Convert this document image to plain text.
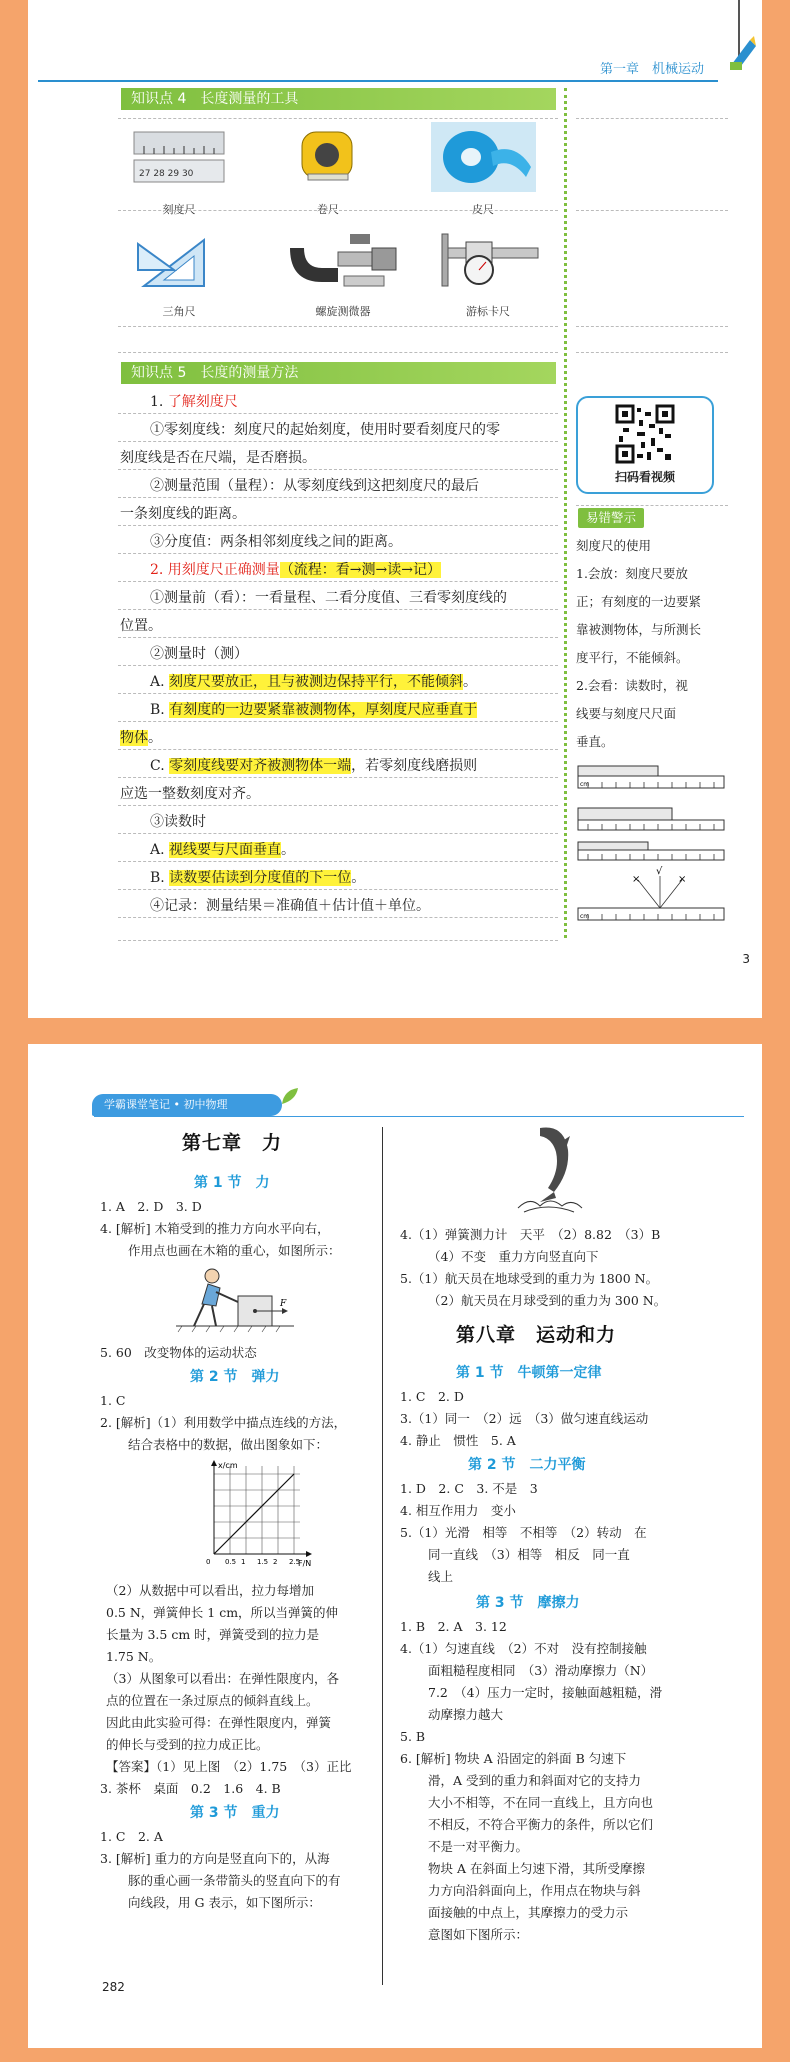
第一章　机械运动
知识点 4　长度测量的工具
27 28 29 30
刻度尺	卷尺	皮尺
三角尺	螺旋测微器	游标卡尺
知识点 5　长度的测量方法
1. 了解刻度尺
①零刻度线：刻度尺的起始刻度，使用时要看刻度尺的零
刻度线是否在尺端，是否磨损。
②测量范围（量程）：从零刻度线到这把刻度尺的最后
一条刻度线的距离。
③分度值：两条相邻刻度线之间的距离。
2. 用刻度尺正确测量（流程：看→测→读→记）
①测量前（看）：一看量程、二看分度值、三看零刻度线的
位置。
②测量时（测）
A. 刻度尺要放正，且与被测边保持平行，不能倾斜。
B. 有刻度的一边要紧靠被测物体，厚刻度尺应垂直于
物体。
C. 零刻度线要对齐被测物体一端，若零刻度线磨损则
应选一整数刻度对齐。
③读数时
A. 视线要与尺面垂直。
B. 读数要估读到分度值的下一位。
④记录：测量结果＝准确值＋估计值＋单位。
扫码看视频
易错警示
刻度尺的使用
1.会放：刻度尺要放
正；有刻度的一边要紧
靠被测物体，与所测长
度平行，不能倾斜。
2.会看：读数时，视
线要与刻度尺尺面
垂直。
cm
cm
×
√
×
3
学霸课堂笔记 • 初中物理
第七章　力
第 1 节　力
1. A　2. D　3. D
4. [解析] 木箱受到的推力方向水平向右，
作用点也画在木箱的重心，如图所示：
F
5. 60　改变物体的运动状态
第 2 节　弹力
1. C
2. [解析]（1）利用数学中描点连线的方法，
结合表格中的数据，做出图象如下：
x/cm
F/N
0 0.5 1 1.5 2 2.5
（2）从数据中可以看出，拉力每增加
0.5 N，弹簧伸长 1 cm，所以当弹簧的伸
长量为 3.5 cm 时，弹簧受到的拉力是
1.75 N。
（3）从图象可以看出：在弹性限度内，各
点的位置在一条过原点的倾斜直线上。
因此由此实验可得：在弹性限度内，弹簧
的伸长与受到的拉力成正比。
【答案】（1）见上图　（2）1.75　（3）正比
3. 茶杯　桌面　0.2　1.6　4. B
第 3 节　重力
1. C　2. A
3. [解析] 重力的方向是竖直向下的，从海
豚的重心画一条带箭头的竖直向下的有
向线段，用 G 表示，如下图所示：
4.（1）弹簧测力计　天平　（2）8.82　（3）B
（4）不变　重力方向竖直向下
5.（1）航天员在地球受到的重力为 1800 N。
（2）航天员在月球受到的重力为 300 N。
第八章　运动和力
第 1 节　牛顿第一定律
1. C　2. D
3.（1）同一　（2）远　（3）做匀速直线运动
4. 静止　惯性　5. A
第 2 节　二力平衡
1. D　2. C　3. 不是　3
4. 相互作用力　变小
5.（1）光滑　相等　不相等　（2）转动　在
同一直线　（3）相等　相反　同一直
线上
第 3 节　摩擦力
1. B　2. A　3. 12
4.（1）匀速直线　（2）不对　没有控制接触
面粗糙程度相同　（3）滑动摩擦力（N）
7.2　（4）压力一定时，接触面越粗糙，滑
动摩擦力越大
5. B
6. [解析] 物块 A 沿固定的斜面 B 匀速下
滑，A 受到的重力和斜面对它的支持力
大小不相等，不在同一直线上，且方向也
不相反，不符合平衡力的条件，所以它们
不是一对平衡力。
物块 A 在斜面上匀速下滑，其所受摩擦
力方向沿斜面向上，作用点在物块与斜
面接触的中点上，其摩擦力的受力示
意图如下图所示：
282
